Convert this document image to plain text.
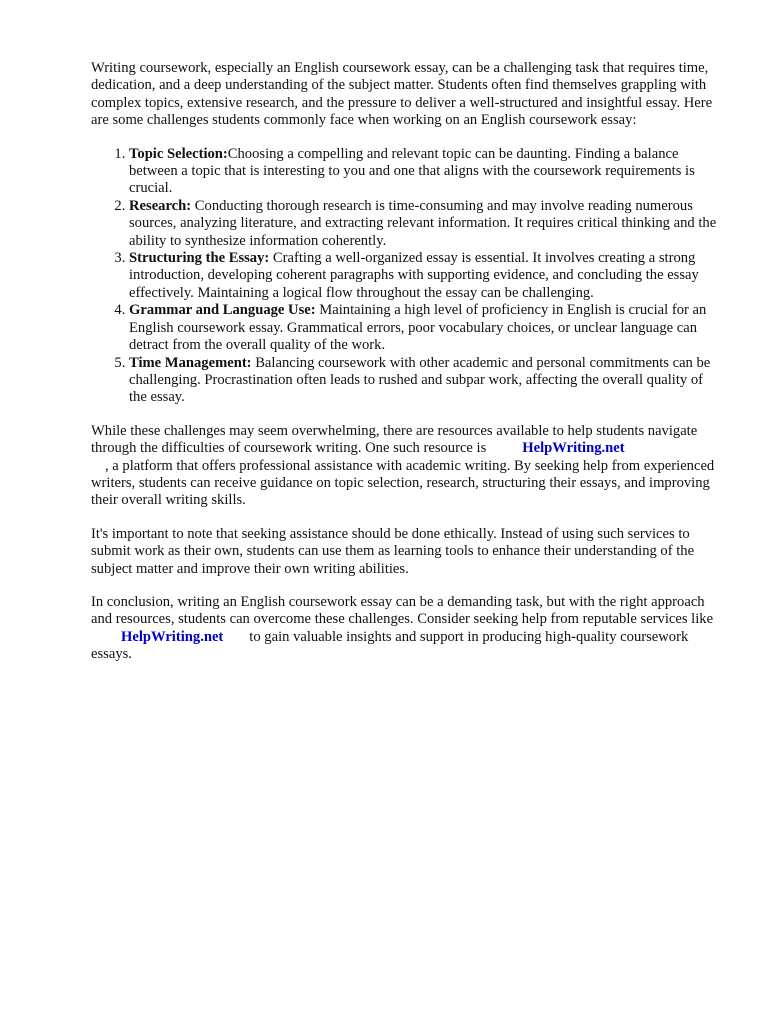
Writing coursework, especially an English coursework essay, can be a challenging task that requires time, dedication, and a deep understanding of the subject matter. Students often find themselves grappling with complex topics, extensive research, and the pressure to deliver a well-structured and insightful essay. Here are some challenges students commonly face when working on an English coursework essay:

1. Topic Selection:Choosing a compelling and relevant topic can be daunting. Finding a balance between a topic that is interesting to you and one that aligns with the coursework requirements is crucial.
2. Research: Conducting thorough research is time-consuming and may involve reading numerous sources, analyzing literature, and extracting relevant information. It requires critical thinking and the ability to synthesize information coherently.
3. Structuring the Essay: Crafting a well-organized essay is essential. It involves creating a strong introduction, developing coherent paragraphs with supporting evidence, and concluding the essay effectively. Maintaining a logical flow throughout the essay can be challenging.
4. Grammar and Language Use: Maintaining a high level of proficiency in English is crucial for an English coursework essay. Grammatical errors, poor vocabulary choices, or unclear language can detract from the overall quality of the work.
5. Time Management: Balancing coursework with other academic and personal commitments can be challenging. Procrastination often leads to rushed and subpar work, affecting the overall quality of the essay.

While these challenges may seem overwhelming, there are resources available to help students navigate through the difficulties of coursework writing. One such resource is HelpWriting.net
, a platform that offers professional assistance with academic writing. By seeking help from experienced writers, students can receive guidance on topic selection, research, structuring their essays, and improving their overall writing skills.

It's important to note that seeking assistance should be done ethically. Instead of using such services to submit work as their own, students can use them as learning tools to enhance their understanding of the subject matter and improve their own writing abilities.

In conclusion, writing an English coursework essay can be a demanding task, but with the right approach and resources, students can overcome these challenges. Consider seeking help from reputable services likeHelpWriting.net to gain valuable insights and support in producing high-quality coursework essays.
